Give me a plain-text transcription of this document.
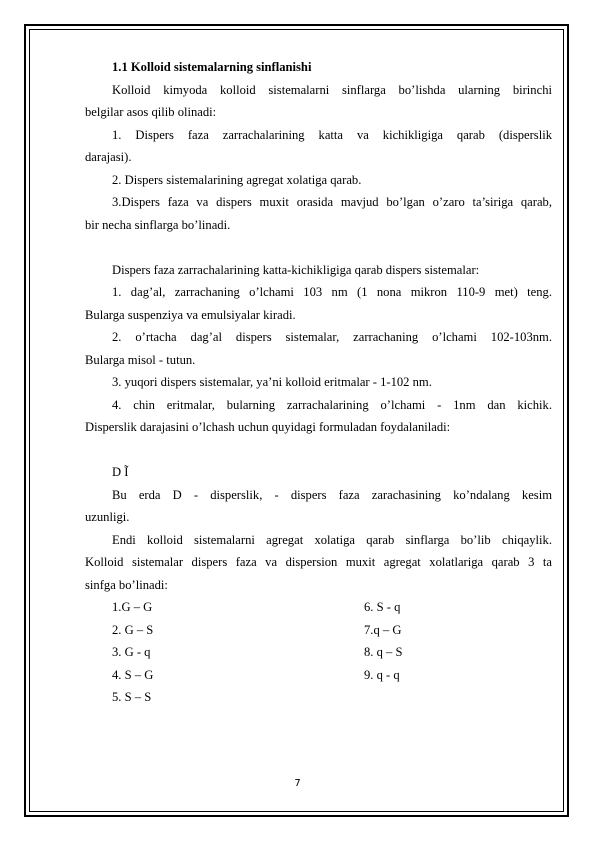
1.1 Kolloid sistemalarning sinflanishi
Kolloid kimyoda kolloid sistemalarni sinflarga bo’lishda ularning birinchi
belgilar asos qilib olinadi:
1. Dispers faza zarrachalarining katta va kichikligiga qarab (disperslik
darajasi).
2. Dispers sistemalarining agregat xolatiga qarab.
3.Dispers faza va dispers muxit orasida mavjud bo’lgan o’zaro ta’siriga qarab,
bir necha sinflarga bo’linadi.
Dispers faza zarrachalarining katta-kichikligiga qarab dispers sistemalar:
1. dag’al, zarrachaning o’lchami 103 nm (1 nona mikron 110-9 met) teng.
Bularga suspenziya va emulsiyalar kiradi.
2. o’rtacha dag’al dispers sistemalar, zarrachaning o’lchami 102-103nm.
Bularga misol - tutun.
3. yuqori dispers sistemalar, ya’ni kolloid eritmalar - 1-102 nm.
4. chin eritmalar, bularning zarrachalarining o’lchami - 1nm dan kichik.
Disperslik darajasini o’lchash uchun quyidagi formuladan foydalaniladi:
D Ĩ
Bu erda D - disperslik, - dispers faza zarachasining ko’ndalang kesim
uzunligi.
Endi kolloid sistemalarni agregat xolatiga qarab sinflarga bo’lib chiqaylik.
Kolloid sistemalar dispers faza va dispersion muxit agregat xolatlariga qarab 3 ta
sinfga bo’linadi:
1.G – G	6. S - q
2. G – S	7.q – G
3. G - q	8. q – S
4. S – G	9. q - q
5. S – S
7
